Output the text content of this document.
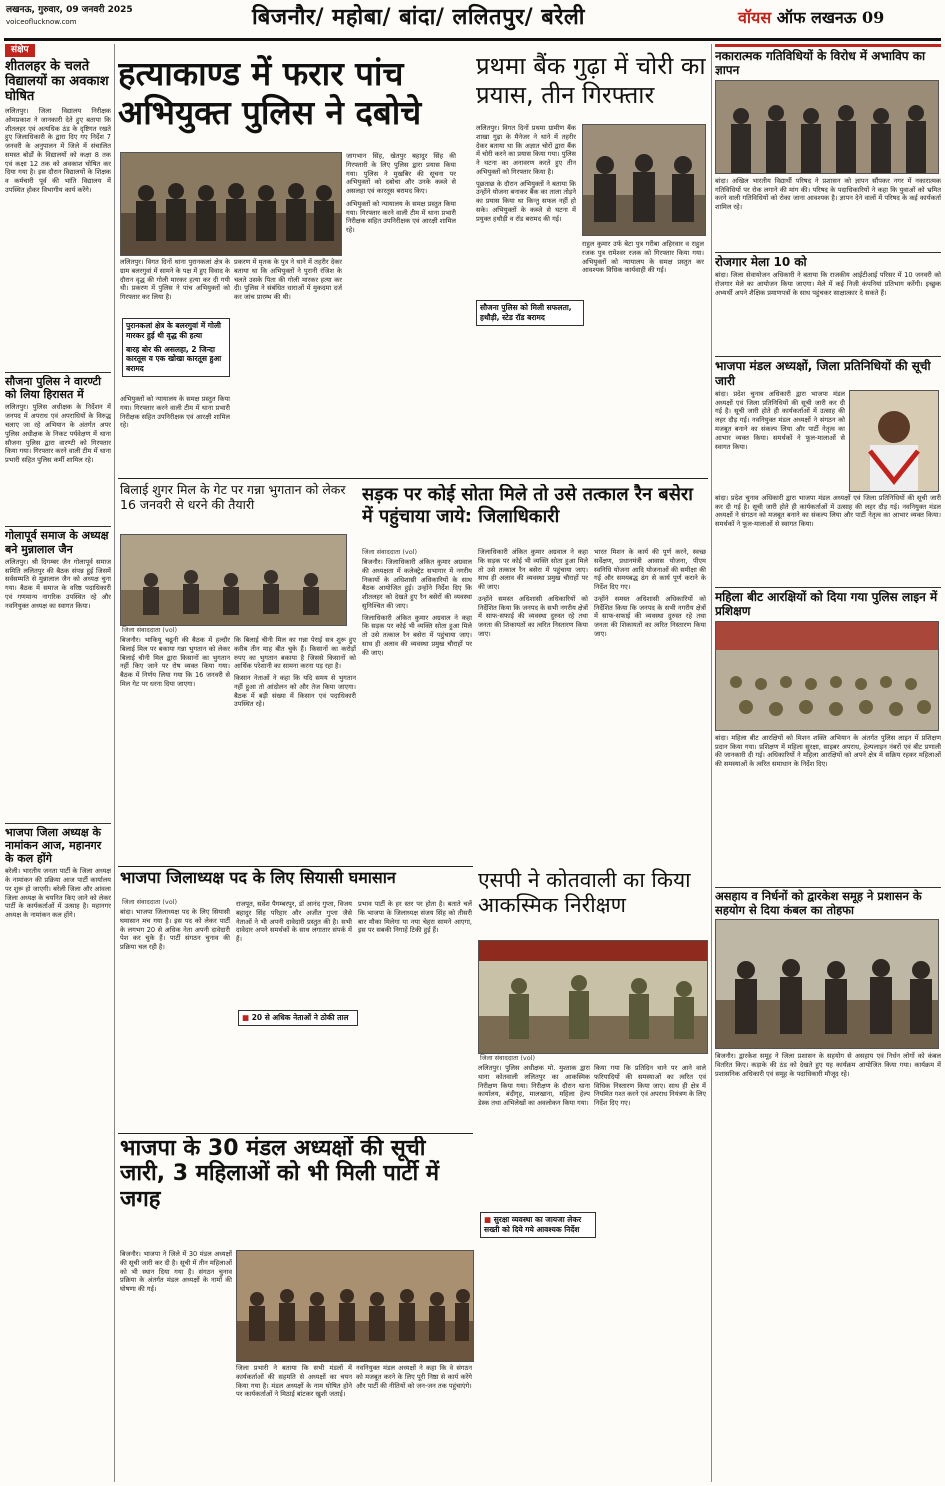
लखनऊ, गुरुवार, 09 जनवरी 2025
voiceoflucknow.com	बिजनौर/ महोबा/ बांदा/ ललितपुर/ बरेली	वॉयस ऑफ लखनऊ 09
संक्षेप
शीतलहर के चलते विद्यालयों का अवकाश घोषित

ललितपुर। जिला विद्यालय निरीक्षक ओमप्रकाश ने जानकारी देते हुए बताया कि शीतलहर एवं अत्यधिक ठंड के दृष्टिगत रखते हुए जिलाधिकारी के द्वारा दिए गए निर्देश 7 जनवरी के अनुपालन में जिले में संचालित समस्त बोर्डों के विद्यालयों को कक्षा 8 तक एवं कक्षा 12 तक को अवकाश घोषित कर दिया गया है। इस दौरान विद्यालयों के शिक्षक व कर्मचारी पूर्व की भांति विद्यालय में उपस्थित होकर विभागीय कार्य करेंगे।

सौजना पुलिस ने वारण्टी को लिया हिरासत में

ललितपुर। पुलिस अधीक्षक के निर्देशन में जनपद में अपराध एवं अपराधियों के विरुद्ध चलाए जा रहे अभियान के अंतर्गत अपर पुलिस अधीक्षक के निकट पर्यवेक्षण में थाना सौजना पुलिस द्वारा वारण्टी को गिरफ्तार किया गया। गिरफ्तार करने वाली टीम में थाना प्रभारी सहित पुलिस कर्मी शामिल रहे।

गोलापूर्व समाज के अध्यक्ष बने मुन्नालाल जैन

ललितपुर। श्री दिगम्बर जैन गोलापूर्व समाज समिति ललितपुर की बैठक संपन्न हुई जिसमें सर्वसम्मति से मुन्नालाल जैन को अध्यक्ष चुना गया। बैठक में समाज के वरिष्ठ पदाधिकारी एवं गणमान्य नागरिक उपस्थित रहे और नवनियुक्त अध्यक्ष का स्वागत किया।

भाजपा जिला अध्यक्ष के नामांकन आज, महानगर के कल होंगे

बरेली। भारतीय जनता पार्टी के जिला अध्यक्ष के नामांकन की प्रक्रिया आज पार्टी कार्यालय पर शुरू हो जाएगी। बरेली जिला और आंवला जिला अध्यक्ष के चयनित किए जाने को लेकर पार्टी के कार्यकर्ताओं में उत्साह है। महानगर अध्यक्ष के नामांकन कल होंगे।

हत्याकाण्ड में फरार पांच अभियुक्त पुलिस ने दबोचे

ललितपुर। विगत दिनों थाना पुरानकलां क्षेत्र के ग्राम बलरगुवां में सामने के पक्ष में हुए विवाद के दौरान वृद्ध की गोली मारकर हत्या कर दी गयी थी। प्रकरण में पुलिस ने पांच अभियुक्तों को गिरफ्तार कर लिया है।

पुरानकलां क्षेत्र के बलरगुवां में गोली मारकर हुई थी वृद्ध की हत्या
बारह बोर की असलहा, 2 जिन्दा कारतूस व एक खोखा कारतूस हुआ बरामद

प्रकरण में मृतक के पुत्र ने थाने में तहरीर देकर बताया था कि अभियुक्तों ने पुरानी रंजिश के चलते उसके पिता की गोली मारकर हत्या कर दी। पुलिस ने संबंधित धाराओं में मुकदमा दर्ज कर जांच प्रारम्भ की थी।

जागभान सिंह, खेतपुर बहादुर सिंह की गिरफ्तारी के लिए पुलिस द्वारा प्रयास किया गया। पुलिस ने मुखबिर की सूचना पर अभियुक्तों को दबोचा और उनके कब्जे से असलहा एवं कारतूस बरामद किए।

अभियुक्तों को न्यायालय के समक्ष प्रस्तुत किया गया। गिरफ्तार करने वाली टीम में थाना प्रभारी निरीक्षक सहित उपनिरीक्षक एवं आरक्षी शामिल रहे।

अभियुक्तों को न्यायालय के समक्ष प्रस्तुत किया गया। गिरफ्तार करने वाली टीम में थाना प्रभारी निरीक्षक सहित उपनिरीक्षक एवं आरक्षी शामिल रहे।

प्रथमा बैंक गुढ़ा में चोरी का प्रयास, तीन गिरफ्तार

ललितपुर। विगत दिनों प्रथमा ग्रामीण बैंक शाखा गुढ़ा के मैनेजर ने थाने में तहरीर देकर बताया था कि अज्ञात चोरों द्वारा बैंक में चोरी करने का प्रयास किया गया। पुलिस ने घटना का अनावरण करते हुए तीन अभियुक्तों को गिरफ्तार किया है।

पूछताछ के दौरान अभियुक्तों ने बताया कि उन्होंने योजना बनाकर बैंक का ताला तोड़ने का प्रयास किया था किन्तु सफल नहीं हो सके। अभियुक्तों के कब्जे से घटना में प्रयुक्त हथौड़ी व रॉड बरामद की गई।

सौजना पुलिस को मिली सफलता, हथौड़ी, स्टेड रॉड बरामद

राहुल कुमार उर्फ बेटा पुत्र गरीबा अहिरवार व राहुल रजक पुत्र रामेश्वर रजक को गिरफ्तार किया गया। अभियुक्तों को न्यायालय के समक्ष प्रस्तुत कर आवश्यक विधिक कार्यवाही की गई।

बिलाई शुगर मिल के गेट पर गन्ना भुगतान को लेकर 16 जनवरी से धरने की तैयारी
जिला संवाददाता (vol)

बिजनौर। भाकियू चढूनी की बैठक में हल्दौर बिलाई मिल पर बकाया गन्ना भुगतान को लेकर बिलाई चीनी मिल द्वारा किसानों का भुगतान नहीं किए जाने पर रोष व्यक्त किया गया। बैठक में निर्णय लिया गया कि 16 जनवरी से मिल गेट पर धरना दिया जाएगा।

कि बिलाई चीनी मिल का गन्ना पेराई सत्र शुरू हुए करीब तीन माह बीत चुके हैं। किसानों का करोड़ों रुपए का भुगतान बकाया है जिससे किसानों को आर्थिक परेशानी का सामना करना पड़ रहा है।

किसान नेताओं ने कहा कि यदि समय से भुगतान नहीं हुआ तो आंदोलन को और तेज किया जाएगा। बैठक में बड़ी संख्या में किसान एवं पदाधिकारी उपस्थित रहे।

सड़क पर कोई सोता मिले तो उसे तत्काल रैन बसेरा में पहुंचाया जाये: जिलाधिकारी
जिला संवाददाता (vol)

बिजनौर। जिलाधिकारी अंकित कुमार अग्रवाल की अध्यक्षता में कलेक्ट्रेट सभागार में नगरीय निकायों के अधिशासी अधिकारियों के साथ बैठक आयोजित हुई। उन्होंने निर्देश दिए कि शीतलहर को देखते हुए रैन बसेरों की व्यवस्था सुनिश्चित की जाए।

जिलाधिकारी अंकित कुमार अग्रवाल ने कहा कि सड़क पर कोई भी व्यक्ति सोता हुआ मिले तो उसे तत्काल रैन बसेरा में पहुंचाया जाए। साथ ही अलाव की व्यवस्था प्रमुख चौराहों पर की जाए।

जिलाधिकारी अंकित कुमार अग्रवाल ने कहा कि सड़क पर कोई भी व्यक्ति सोता हुआ मिले तो उसे तत्काल रैन बसेरा में पहुंचाया जाए। साथ ही अलाव की व्यवस्था प्रमुख चौराहों पर की जाए।

उन्होंने समस्त अधिशासी अधिकारियों को निर्देशित किया कि जनपद के सभी नगरीय क्षेत्रों में साफ-सफाई की व्यवस्था दुरुस्त रहे तथा जनता की शिकायतों का त्वरित निस्तारण किया जाए।

भारत मिशन के कार्य की पूर्ण करने, स्वच्छ सर्वेक्षण, प्रधानमंत्री आवास योजना, पीएम स्वनिधि योजना आदि योजनाओं की समीक्षा की गई और समयबद्ध ढंग से कार्य पूर्ण कराने के निर्देश दिए गए।

उन्होंने समस्त अधिशासी अधिकारियों को निर्देशित किया कि जनपद के सभी नगरीय क्षेत्रों में साफ-सफाई की व्यवस्था दुरुस्त रहे तथा जनता की शिकायतों का त्वरित निस्तारण किया जाए।

भाजपा जिलाध्यक्ष पद के लिए सियासी घमासान
जिला संवाददाता (vol)

बांदा। भाजपा जिलाध्यक्ष पद के लिए सियासी घमासान मच गया है। इस पद को लेकर पार्टी के लगभग 20 से अधिक नेता अपनी दावेदारी पेश कर चुके हैं। पार्टी संगठन चुनाव की प्रक्रिया चल रही है।

राजपूत, सर्वेश पैगम्बरपुर, डॉ आनंद गुप्ता, विजय बहादुर सिंह परिहार और अजीत गुप्ता जैसे नेताओं ने भी अपनी दावेदारी प्रस्तुत की है। सभी दावेदार अपने समर्थकों के साथ लगातार संपर्क में हैं।

■ 20 से अधिक नेताओं ने ठोकी ताल

प्रभाव पार्टी के हर स्तर पर होता है। बताते चलें कि भाजपा के जिलाध्यक्ष संजय सिंह को तीसरी बार मौका मिलेगा या नया चेहरा सामने आएगा, इस पर सबकी निगाहें टिकी हुई हैं।

भाजपा के 30 मंडल अध्यक्षों की सूची जारी, 3 महिलाओं को भी मिली पार्टी में जगह

बिजनौर। भाजपा ने जिले में 30 मंडल अध्यक्षों की सूची जारी कर दी है। सूची में तीन महिलाओं को भी स्थान दिया गया है। संगठन चुनाव प्रक्रिया के अंतर्गत मंडल अध्यक्षों के नामों की घोषणा की गई।

जिला प्रभारी ने बताया कि सभी मंडलों में कार्यकर्ताओं की सहमति से अध्यक्षों का चयन किया गया है। मंडल अध्यक्षों के नाम घोषित होने पर कार्यकर्ताओं ने मिठाई बांटकर खुशी जताई।

नवनियुक्त मंडल अध्यक्षों ने कहा कि वे संगठन को मजबूत करने के लिए पूरी निष्ठा से कार्य करेंगे और पार्टी की नीतियों को जन-जन तक पहुंचाएंगे।

एसपी ने कोतवाली का किया आकस्मिक निरीक्षण
जिला संवाददाता (vol)

ललितपुर। पुलिस अधीक्षक मो. मुश्ताक द्वारा थाना कोतवाली ललितपुर का आकस्मिक निरीक्षण किया गया। निरीक्षण के दौरान थाना कार्यालय, बंदीगृह, मालखाना, महिला हेल्प डेस्क तथा अभिलेखों का अवलोकन किया गया।

■ सुरक्षा व्यवस्था का जायजा लेकर सख्ती को दिये गये आवश्यक निर्देश

किया गया कि प्रतिदिन थाने पर आने वाले फरियादियों की समस्याओं का त्वरित एवं विधिक निस्तारण किया जाए। साथ ही क्षेत्र में नियमित गश्त करने एवं अपराध नियंत्रण के लिए निर्देश दिए गए।

नकारात्मक गतिविधियों के विरोध में अभाविप का ज्ञापन

बांदा। अखिल भारतीय विद्यार्थी परिषद ने प्रशासन को ज्ञापन सौंपकर नगर में नकारात्मक गतिविधियों पर रोक लगाने की मांग की। परिषद के पदाधिकारियों ने कहा कि युवाओं को भ्रमित करने वाली गतिविधियों को रोका जाना आवश्यक है। ज्ञापन देने वालों में परिषद के कई कार्यकर्ता शामिल रहे।

रोजगार मेला 10 को

बांदा। जिला सेवायोजन अधिकारी ने बताया कि राजकीय आईटीआई परिसर में 10 जनवरी को रोजगार मेले का आयोजन किया जाएगा। मेले में कई निजी कंपनियां प्रतिभाग करेंगी। इच्छुक अभ्यर्थी अपने शैक्षिक प्रमाणपत्रों के साथ पहुंचकर साक्षात्कार दे सकते हैं।

भाजपा मंडल अध्यक्षों, जिला प्रतिनिधियों की सूची जारी

बांदा। प्रदेश चुनाव अधिकारी द्वारा भाजपा मंडल अध्यक्षों एवं जिला प्रतिनिधियों की सूची जारी कर दी गई है। सूची जारी होते ही कार्यकर्ताओं में उत्साह की लहर दौड़ गई। नवनियुक्त मंडल अध्यक्षों ने संगठन को मजबूत बनाने का संकल्प लिया और पार्टी नेतृत्व का आभार व्यक्त किया। समर्थकों ने फूल-मालाओं से स्वागत किया।

बांदा। प्रदेश चुनाव अधिकारी द्वारा भाजपा मंडल अध्यक्षों एवं जिला प्रतिनिधियों की सूची जारी कर दी गई है। सूची जारी होते ही कार्यकर्ताओं में उत्साह की लहर दौड़ गई। नवनियुक्त मंडल अध्यक्षों ने संगठन को मजबूत बनाने का संकल्प लिया और पार्टी नेतृत्व का आभार व्यक्त किया। समर्थकों ने फूल-मालाओं से स्वागत किया।

महिला बीट आरक्षियों को दिया गया पुलिस लाइन में प्रशिक्षण

बांदा। महिला बीट आरक्षियों को मिशन शक्ति अभियान के अंतर्गत पुलिस लाइन में प्रशिक्षण प्रदान किया गया। प्रशिक्षण में महिला सुरक्षा, साइबर अपराध, हेल्पलाइन नंबरों एवं बीट प्रणाली की जानकारी दी गई। अधिकारियों ने महिला आरक्षियों को अपने क्षेत्र में सक्रिय रहकर महिलाओं की समस्याओं के त्वरित समाधान के निर्देश दिए।

असहाय व निर्धनों को द्वारकेश समूह ने प्रशासन के सहयोग से दिया कंबल का तोहफा

बिजनौर। द्वारकेश समूह ने जिला प्रशासन के सहयोग से असहाय एवं निर्धन लोगों को कंबल वितरित किए। कड़ाके की ठंड को देखते हुए यह कार्यक्रम आयोजित किया गया। कार्यक्रम में प्रशासनिक अधिकारी एवं समूह के पदाधिकारी मौजूद रहे।
